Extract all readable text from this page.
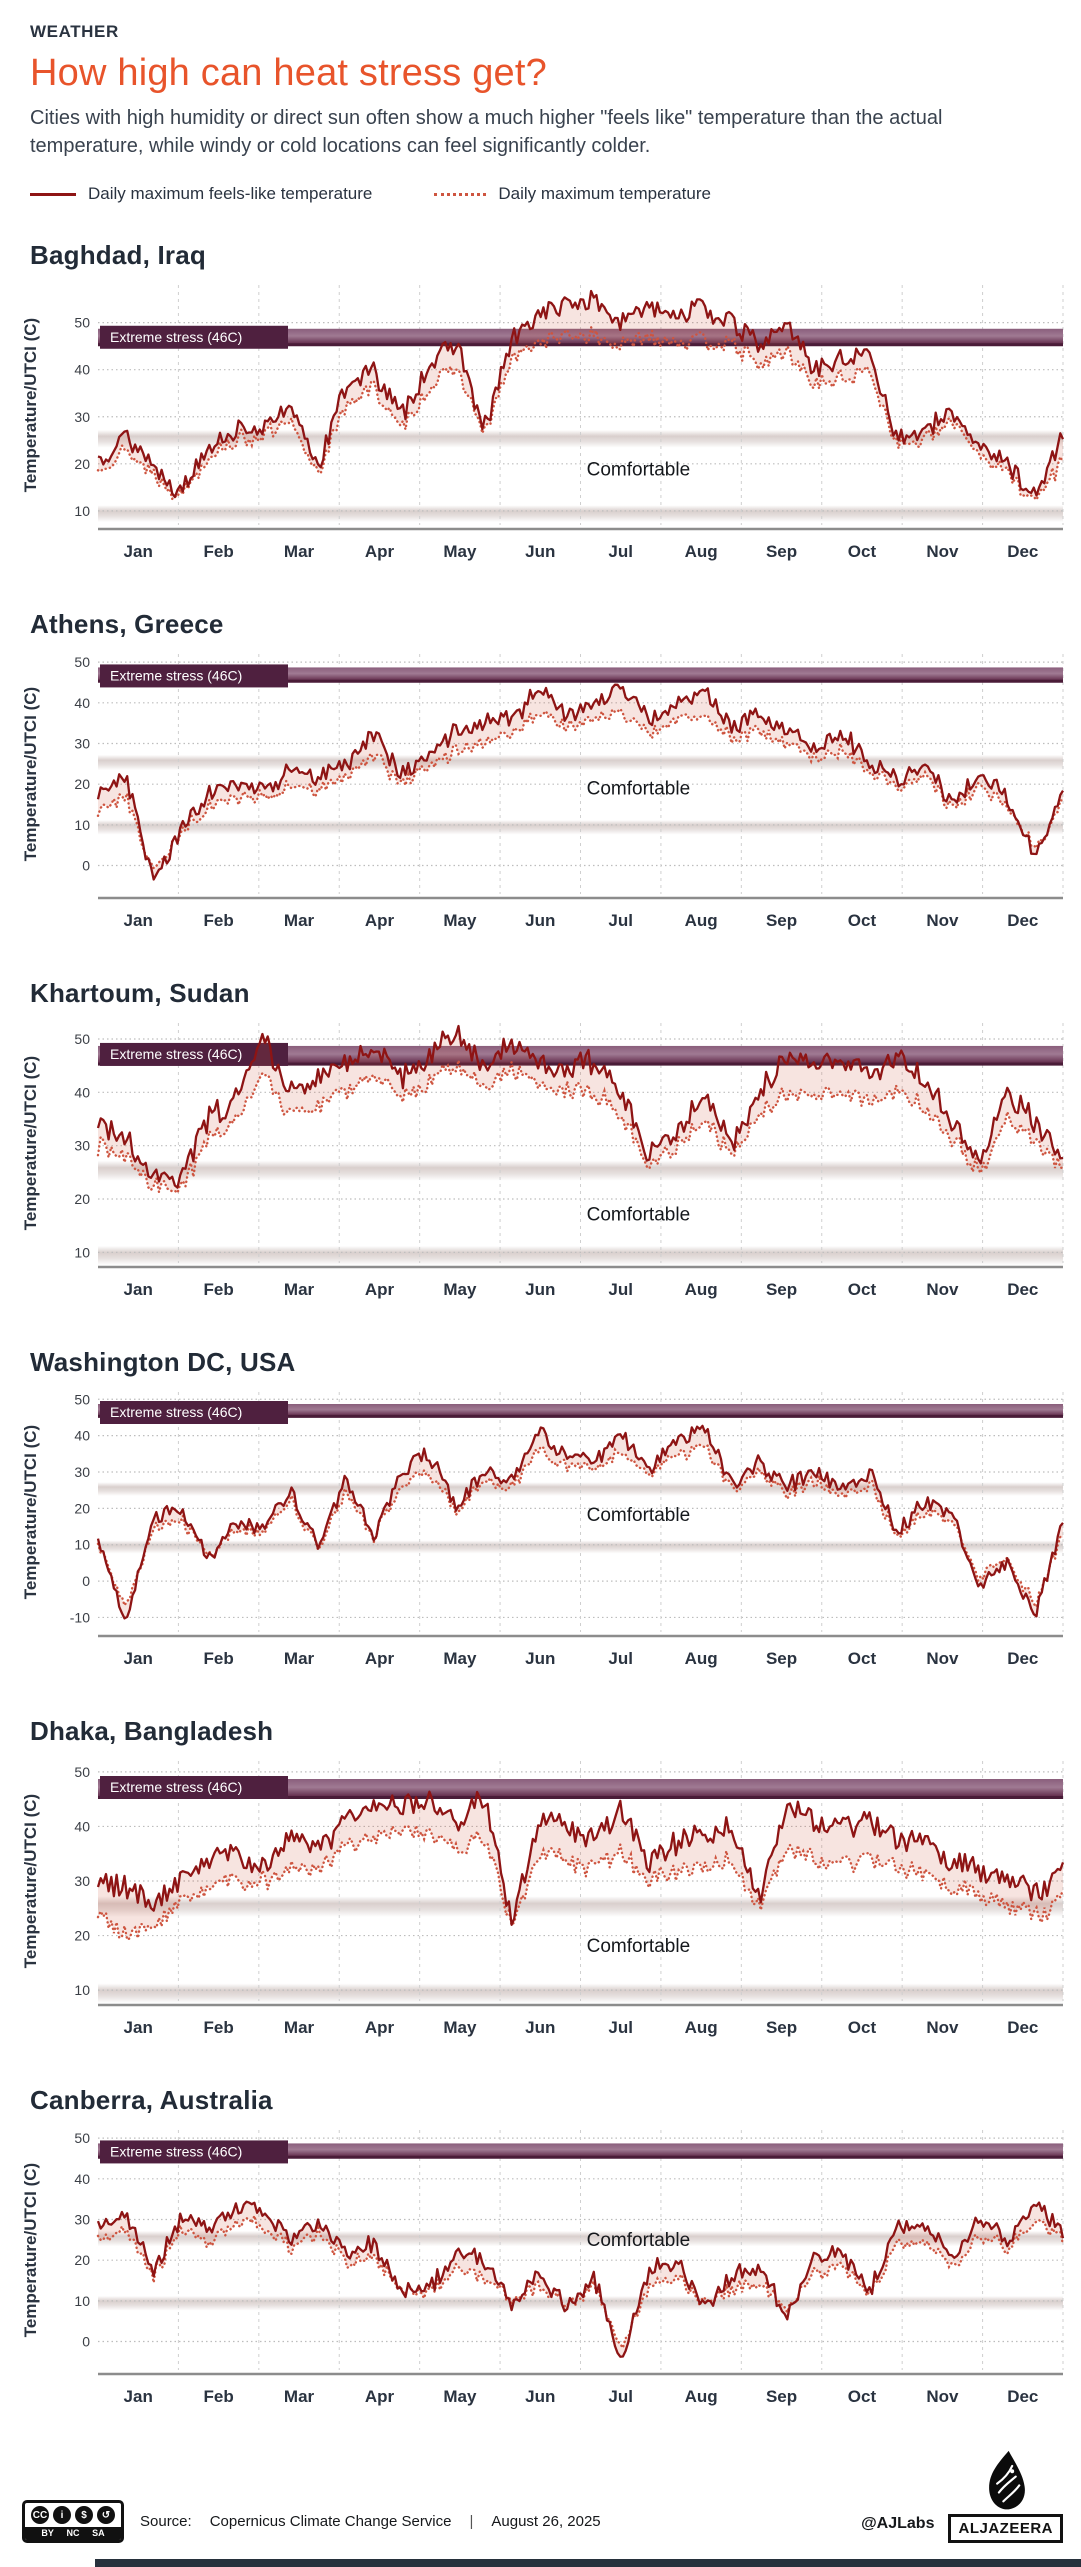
WEATHER
How high can heat stress get?
Cities with high humidity or direct sun often show a much higher "feels like" temperature than the actual temperature, while windy or cold locations can feel significantly colder.
Daily maximum feels-like temperature	Daily maximum temperature
Baghdad, Iraq
10
20
30
40
50
Extreme stress (46C)
Comfortable
Jan	Feb	Mar	Apr	May	Jun	Jul	Aug	Sep	Oct	Nov	Dec
Temperature/UTCI (C)
Athens, Greece
0
10
20
30
40
50
Extreme stress (46C)
Comfortable
Jan	Feb	Mar	Apr	May	Jun	Jul	Aug	Sep	Oct	Nov	Dec
Temperature/UTCI (C)
Khartoum, Sudan
10
20
30
40
50
Extreme stress (46C)
Comfortable
Jan	Feb	Mar	Apr	May	Jun	Jul	Aug	Sep	Oct	Nov	Dec
Temperature/UTCI (C)
Washington DC, USA
-10
0
10
20
30
40
50
Extreme stress (46C)
Comfortable
Jan	Feb	Mar	Apr	May	Jun	Jul	Aug	Sep	Oct	Nov	Dec
Temperature/UTCI (C)
Dhaka, Bangladesh
10
20
30
40
50
Extreme stress (46C)
Comfortable
Jan	Feb	Mar	Apr	May	Jun	Jul	Aug	Sep	Oct	Nov	Dec
Temperature/UTCI (C)
Canberra, Australia
0
10
20
30
40
50
Extreme stress (46C)
Comfortable
Jan	Feb	Mar	Apr	May	Jun	Jul	Aug	Sep	Oct	Nov	Dec
Temperature/UTCI (C)
CC	i	$	↺
BY NC SA
Source: Copernicus Climate Change Service | August 26, 2025	@AJLabs	ALJAZEERA
